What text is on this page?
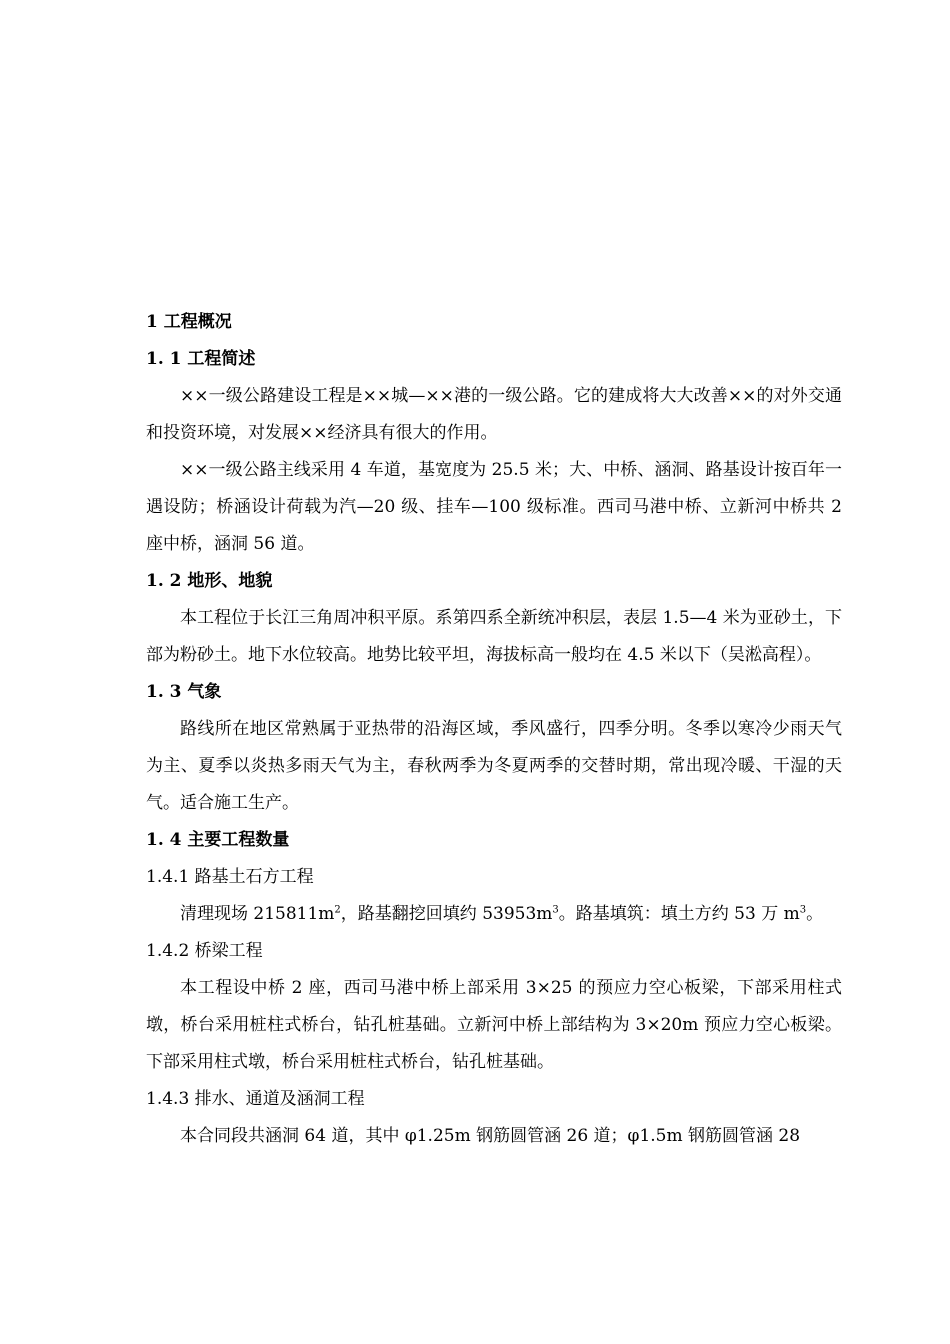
1 工程概况
1. 1 工程简述

××一级公路建设工程是××城—××港的一级公路。它的建成将大大改善××的对外交通和投资环境，对发展××经济具有很大的作用。

××一级公路主线采用 4 车道，基宽度为 25.5 米；大、中桥、涵洞、路基设计按百年一遇设防；桥涵设计荷载为汽—20 级、挂车—100 级标准。西司马港中桥、立新河中桥共 2 座中桥，涵洞 56 道。

1. 2 地形、地貌

本工程位于长江三角周冲积平原。系第四系全新统冲积层，表层 1.5—4 米为亚砂土，下部为粉砂土。地下水位较高。地势比较平坦，海拔标高一般均在 4.5 米以下（吴淞高程）。

1. 3 气象

路线所在地区常熟属于亚热带的沿海区域，季风盛行，四季分明。冬季以寒冷少雨天气为主、夏季以炎热多雨天气为主，春秋两季为冬夏两季的交替时期，常出现冷暖、干湿的天气。适合施工生产。

1. 4 主要工程数量
1.4.1 路基土石方工程

清理现场 $215811m^2$，路基翻挖回填约 $53953m^3$。路基填筑：填土方约 53 万 $m^3$。

1.4.2 桥梁工程

本工程设中桥 2 座，西司马港中桥上部采用 3×25 的预应力空心板梁，下部采用柱式墩，桥台采用桩柱式桥台，钻孔桩基础。立新河中桥上部结构为 3×20m 预应力空心板梁。下部采用柱式墩，桥台采用桩柱式桥台，钻孔桩基础。

1.4.3 排水、通道及涵洞工程

本合同段共涵洞 64 道，其中 φ1.25m 钢筋圆管涵 26 道；φ1.5m 钢筋圆管涵 28
